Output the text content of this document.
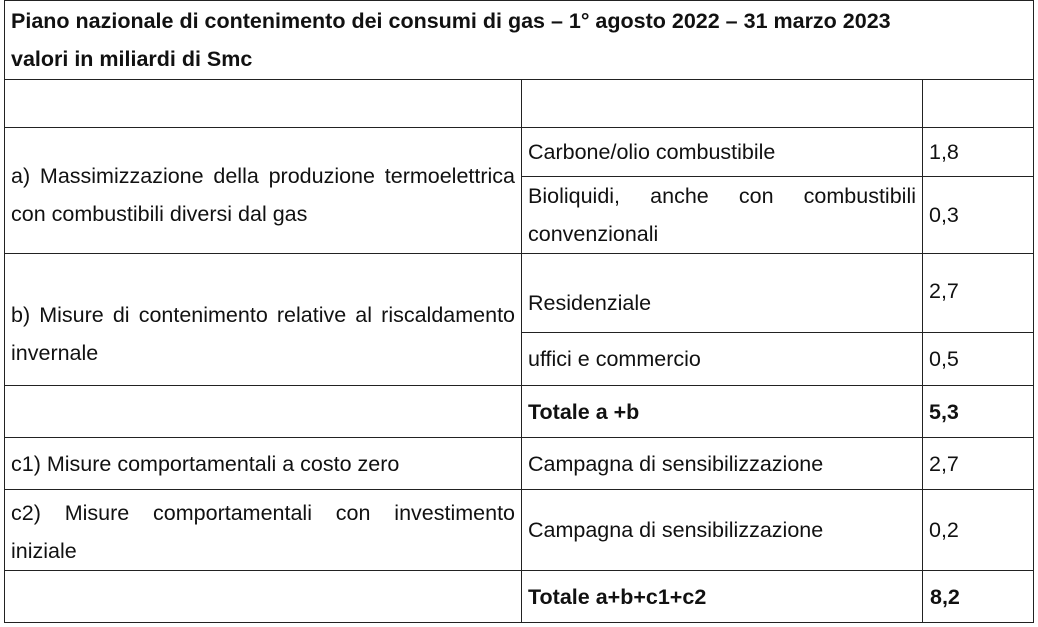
Piano nazionale di contenimento dei consumi di gas – 1° agosto 2022 – 31 marzo 2023
valori in miliardi di Smc		

a) Massimizzazione della produzione termoelettrica con combustibili diversi dal gas	Carbone/olio combustibile	1,8
	Bioliquidi, anche con combustibili convenzionali	0,3
b) Misure di contenimento relative al riscaldamento invernale	Residenziale	2,7
	uffici e commercio	0,5
	Totale a +b	5,3
c1) Misure comportamentali a costo zero	Campagna di sensibilizzazione	2,7
c2) Misure comportamentali con investimento iniziale	Campagna di sensibilizzazione	0,2
	Totale a+b+c1+c2	8,2
